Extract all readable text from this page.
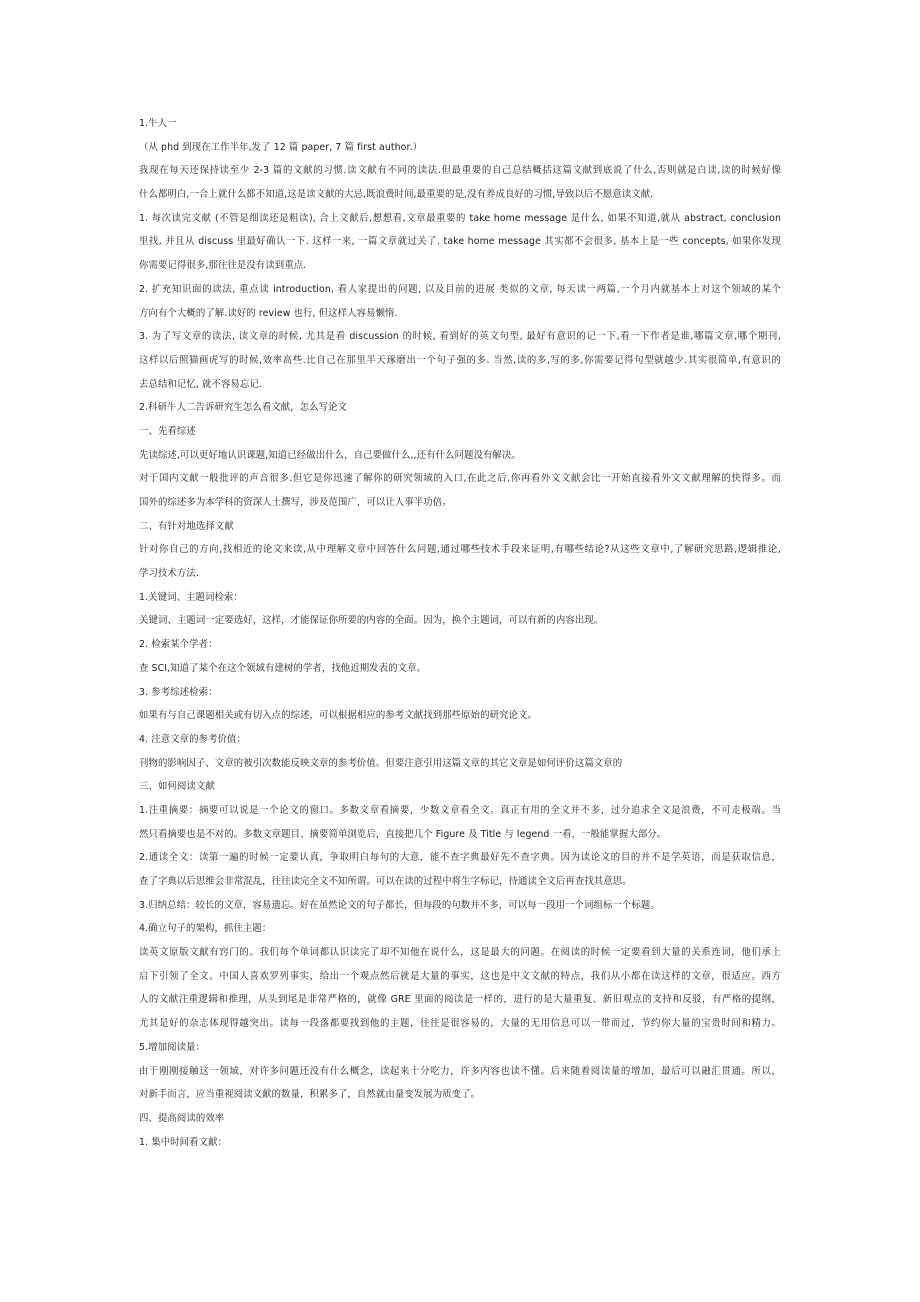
1.牛人一
（从 phd 到现在工作半年,发了 12 篇 paper, 7 篇 first author.）
我现在每天还保持读至少 2-3 篇的文献的习惯.读文献有不同的读法.但最重要的自己总结概括这篇文献到底说了什么,否则就是白读,读的时候好像
什么都明白,一合上就什么都不知道,这是读文献的大忌,既浪费时间,最重要的是,没有养成良好的习惯,导致以后不愿意读文献.
1. 每次读完文献 (不管是细读还是粗读), 合上文献后,想想看,文章最重要的 take home message 是什么, 如果不知道,就从 abstract, conclusion
里找, 并且从 discuss 里最好确认一下. 这样一来, 一篇文章就过关了. take home message 其实都不会很多, 基本上是一些 concepts, 如果你发现
你需要记得很多,那往往是没有读到重点.
2. 扩充知识面的读法, 重点读 introduction, 看人家提出的问题, 以及目前的进展 类似的文章, 每天读一两篇,一个月内就基本上对这个领域的某个
方向有个大概的了解.读好的 review 也行, 但这样人容易懒惰.
3. 为了写文章的读法, 读文章的时候, 尤其是看 discussion 的时候, 看到好的英文句型, 最好有意识的记一下,看一下作者是谁,哪篇文章,哪个期刊,
这样以后照猫画虎写的时候,效率高些.比自己在那里半天琢磨出一个句子强的多. 当然,读的多,写的多,你需要记得句型就越少.其实很简单,有意识的
去总结和记忆, 就不容易忘记.
2.科研牛人二告诉研究生怎么看文献，怎么写论文
一、先看综述
先读综述,可以更好地认识课题,知道已经做出什么，自己要做什么,,还有什么问题没有解决。
对于国内文献一般批评的声音很多.但它是你迅速了解你的研究领域的入口,在此之后,你再看外文文献会比一开始直接看外文文献理解的快得多。而
国外的综述多为本学科的资深人士撰写，涉及范围广，可以让人事半功倍。
二、有针对地选择文献
针对你自己的方向,找相近的论文来读,从中理解文章中回答什么问题,通过哪些技术手段来证明,有哪些结论?从这些文章中,了解研究思路,逻辑推论,
学习技术方法.
1.关键词、主题词检索：
关键词、主题词一定要选好，这样，才能保证你所要的内容的全面。因为，换个主题词，可以有新的内容出现。
2. 检索某个学者：
查 SCI,知道了某个在这个领域有建树的学者，找他近期发表的文章。
3. 参考综述检索：
如果有与自己课题相关或有切入点的综述，可以根据相应的参考文献找到那些原始的研究论文。
4. 注意文章的参考价值：
刊物的影响因子、文章的被引次数能反映文章的参考价值。但要注意引用这篇文章的其它文章是如何评价这篇文章的
三、如何阅读文献
1.注重摘要：摘要可以说是一个论文的窗口。多数文章看摘要，少数文章看全文。真正有用的全文并不多，过分追求全文是浪费，不可走极端。当
然只看摘要也是不对的。多数文章题目、摘要简单浏览后，直接把几个 Figure 及 Title 与 legend 一看，一般能掌握大部分。
2.通读全文：读第一遍的时候一定要认真，争取明白每句的大意，能不查字典最好先不查字典。因为读论文的目的并不是学英语，而是获取信息，
查了字典以后思维会非常混乱，往往读完全文不知所谓。可以在读的过程中将生字标记，待通读全文后再查找其意思。
3.归纳总结：较长的文章，容易遗忘。好在虽然论文的句子都长，但每段的句数并不多，可以每一段用一个词组标一个标题。
4.确立句子的架构，抓住主题：
读英文原版文献有窍门的。我们每个单词都认识读完了却不知他在说什么，这是最大的问题。在阅读的时候一定要看到大量的关系连词，他们承上
启下引领了全文。中国人喜欢罗列事实，给出一个观点然后就是大量的事实，这也是中文文献的特点，我们从小都在读这样的文章，很适应。西方
人的文献注重逻辑和推理，从头到尾是非常严格的，就像 GRE 里面的阅读是一样的，进行的是大量重复、新旧观点的支持和反驳，有严格的提纲，
尤其是好的杂志体现得越突出。读每一段落都要找到他的主题，往往是很容易的，大量的无用信息可以一带而过，节约你大量的宝贵时间和精力。
5.增加阅读量：
由于刚刚接触这一领域，对许多问题还没有什么概念，读起来十分吃力，许多内容也读不懂。后来随着阅读量的增加，最后可以融汇贯通。所以，
对新手而言，应当重视阅读文献的数量，积累多了，自然就由量变发展为质变了。
四、提高阅读的效率
1. 集中时间看文献：
